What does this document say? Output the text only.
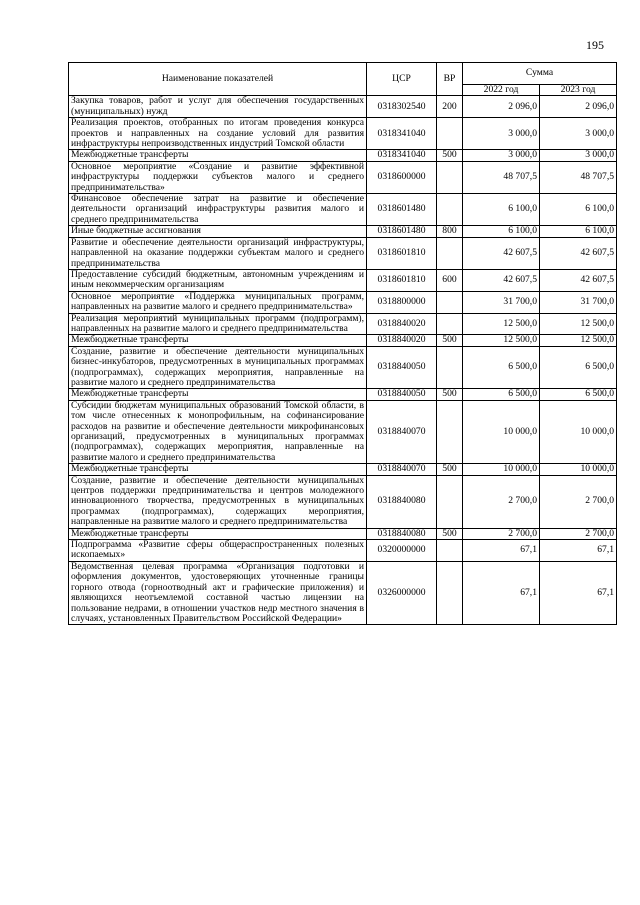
195
Наименование показателей	ЦСР	ВР	Сумма	
			2022 год	2023 год
Закупка товаров, работ и услуг для обеспечения государственных (муниципальных) нужд	0318302540	200	2 096,0	2 096,0
Реализация проектов, отобранных по итогам проведения конкурса проектов и направленных на создание условий для развития инфраструктуры непроизводственных индустрий Томской области	0318341040		3 000,0	3 000,0
Межбюджетные трансферты	0318341040	500	3 000,0	3 000,0
Основное мероприятие «Создание и развитие эффективной инфраструктуры поддержки субъектов малого и среднего предпринимательства»	0318600000		48 707,5	48 707,5
Финансовое обеспечение затрат на развитие и обеспечение деятельности организаций инфраструктуры развития малого и среднего предпринимательства	0318601480		6 100,0	6 100,0
Иные бюджетные ассигнования	0318601480	800	6 100,0	6 100,0
Развитие и обеспечение деятельности организаций инфраструктуры, направленной на оказание поддержки субъектам малого и среднего предпринимательства	0318601810		42 607,5	42 607,5
Предоставление субсидий бюджетным, автономным учреждениям и иным некоммерческим организациям	0318601810	600	42 607,5	42 607,5
Основное мероприятие «Поддержка муниципальных программ, направленных на развитие малого и среднего предпринимательства»	0318800000		31 700,0	31 700,0
Реализация мероприятий муниципальных программ (подпрограмм), направленных на развитие малого и среднего предпринимательства	0318840020		12 500,0	12 500,0
Межбюджетные трансферты	0318840020	500	12 500,0	12 500,0
Создание, развитие и обеспечение деятельности муниципальных бизнес-инкубаторов, предусмотренных в муниципальных программах (подпрограммах), содержащих мероприятия, направленные на развитие малого и среднего предпринимательства	0318840050		6 500,0	6 500,0
Межбюджетные трансферты	0318840050	500	6 500,0	6 500,0
Субсидии бюджетам муниципальных образований Томской области, в том числе отнесенных к монопрофильным, на софинансирование расходов на развитие и обеспечение деятельности микрофинансовых организаций, предусмотренных в муниципальных программах (подпрограммах), содержащих мероприятия, направленные на развитие малого и среднего предпринимательства	0318840070		10 000,0	10 000,0
Межбюджетные трансферты	0318840070	500	10 000,0	10 000,0
Создание, развитие и обеспечение деятельности муниципальных центров поддержки предпринимательства и центров молодежного инновационного творчества, предусмотренных в муниципальных программах (подпрограммах), содержащих мероприятия, направленные на развитие малого и среднего предпринимательства	0318840080		2 700,0	2 700,0
Межбюджетные трансферты	0318840080	500	2 700,0	2 700,0
Подпрограмма «Развитие сферы общераспространенных полезных ископаемых»	0320000000		67,1	67,1
Ведомственная целевая программа «Организация подготовки и оформления документов, удостоверяющих уточненные границы горного отвода (горноотводный акт и графические приложения) и являющихся неотъемлемой составной частью лицензии на пользование недрами, в отношении участков недр местного значения в случаях, установленных Правительством Российской Федерации»	0326000000		67,1	67,1
